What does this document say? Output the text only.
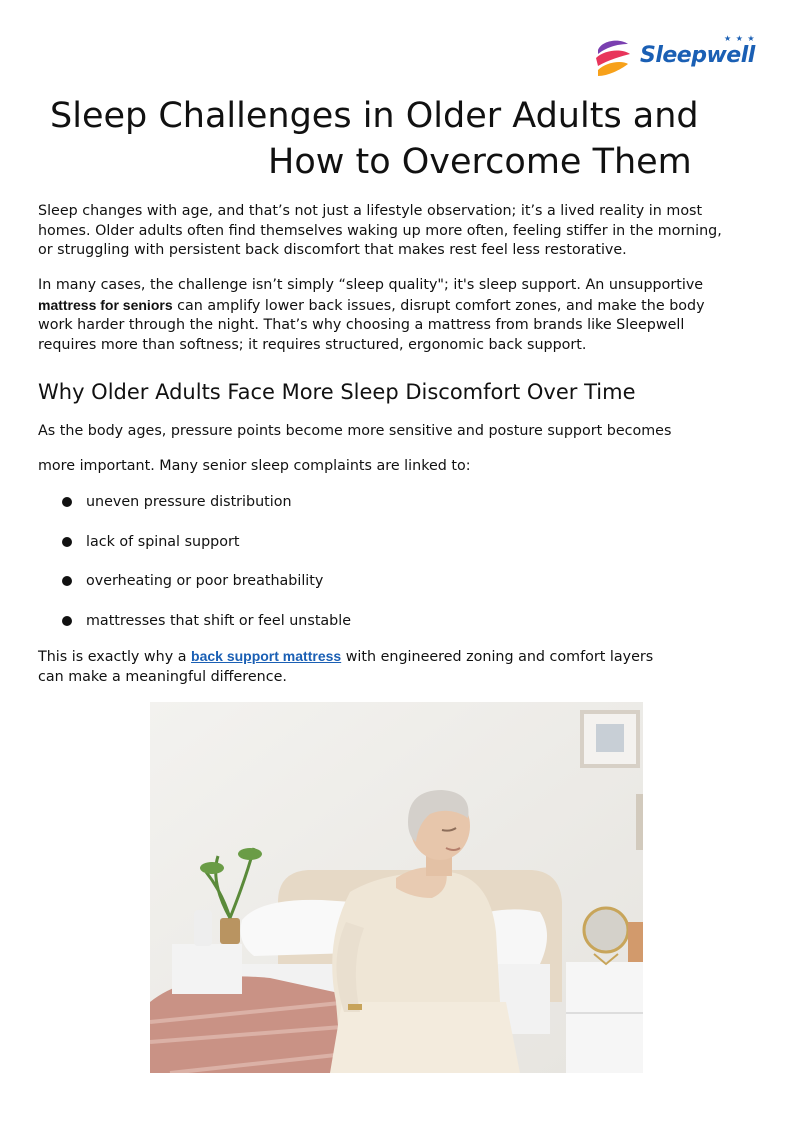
★ ★ ★
Sleepwell
Sleep Challenges in Older Adults and
How to Overcome Them

Sleep changes with age, and that’s not just a lifestyle observation; it’s a lived reality in most homes. Older adults often find themselves waking up more often, feeling stiffer in the morning, or struggling with persistent back discomfort that makes rest feel less restorative.

In many cases, the challenge isn’t simply “sleep quality"; it's sleep support. An unsupportive mattress for seniors can amplify lower back issues, disrupt comfort zones, and make the body work harder through the night. That’s why choosing a mattress from brands like Sleepwell requires more than softness; it requires structured, ergonomic back support.

Why Older Adults Face More Sleep Discomfort Over Time

As the body ages, pressure points become more sensitive and posture support becomes

more important. Many senior sleep complaints are linked to:

uneven pressure distribution
lack of spinal support
overheating or poor breathability
mattresses that shift or feel unstable

This is exactly why a back support mattress with engineered zoning and comfort layers
can make a meaningful difference.
